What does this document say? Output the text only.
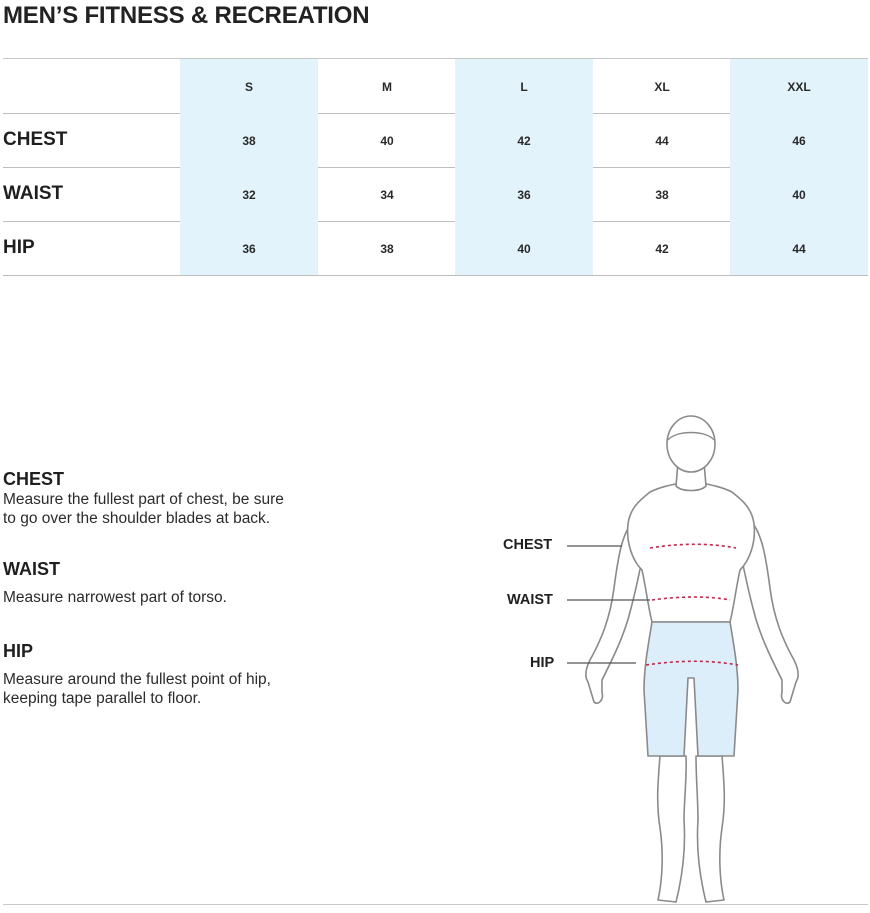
MEN’S FITNESS & RECREATION
S	M	L	XL	XXL
CHEST	38	40	42	44	46
WAIST	32	34	36	38	40
HIP	36	38	40	42	44

CHEST

Measure the fullest part of chest, be sure

to go over the shoulder blades at back.

WAIST

Measure narrowest part of torso.

HIP

Measure around the fullest point of hip,

keeping tape parallel to floor.

CHEST
WAIST
HIP
